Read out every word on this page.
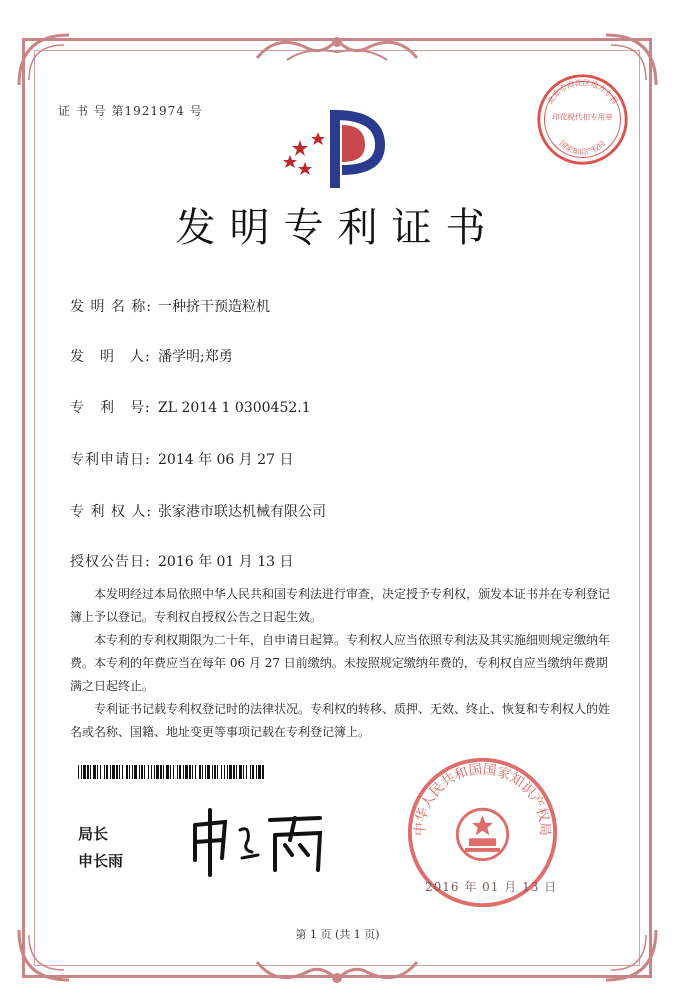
证 书 号 第1921974 号
北京市海淀区地方专利
印花税代扣专用章
国家知识产权局
发明专利证书
发 明 名 称: 一种挤干预造粒机
发　明　人: 潘学明;郑勇
专　利　号: ZL 2014 1 0300452.1
专利申请日: 2014 年 06 月 27 日
专 利 权 人: 张家港市联达机械有限公司
授权公告日: 2016 年 01 月 13 日

本发明经过本局依照中华人民共和国专利法进行审查，决定授予专利权，颁发本证书并在专利登记簿上予以登记。专利权自授权公告之日起生效。

本专利的专利权期限为二十年，自申请日起算。专利权人应当依照专利法及其实施细则规定缴纳年费。本专利的年费应当在每年 06 月 27 日前缴纳。未按照规定缴纳年费的，专利权自应当缴纳年费期满之日起终止。

专利证书记载专利权登记时的法律状况。专利权的转移、质押、无效、终止、恢复和专利权人的姓名或名称、国籍、地址变更等事项记载在专利登记簿上。

局长
申长雨
中华人民共和国国家知识产权局
2016 年 01 月 13 日
第 1 页 (共 1 页)
